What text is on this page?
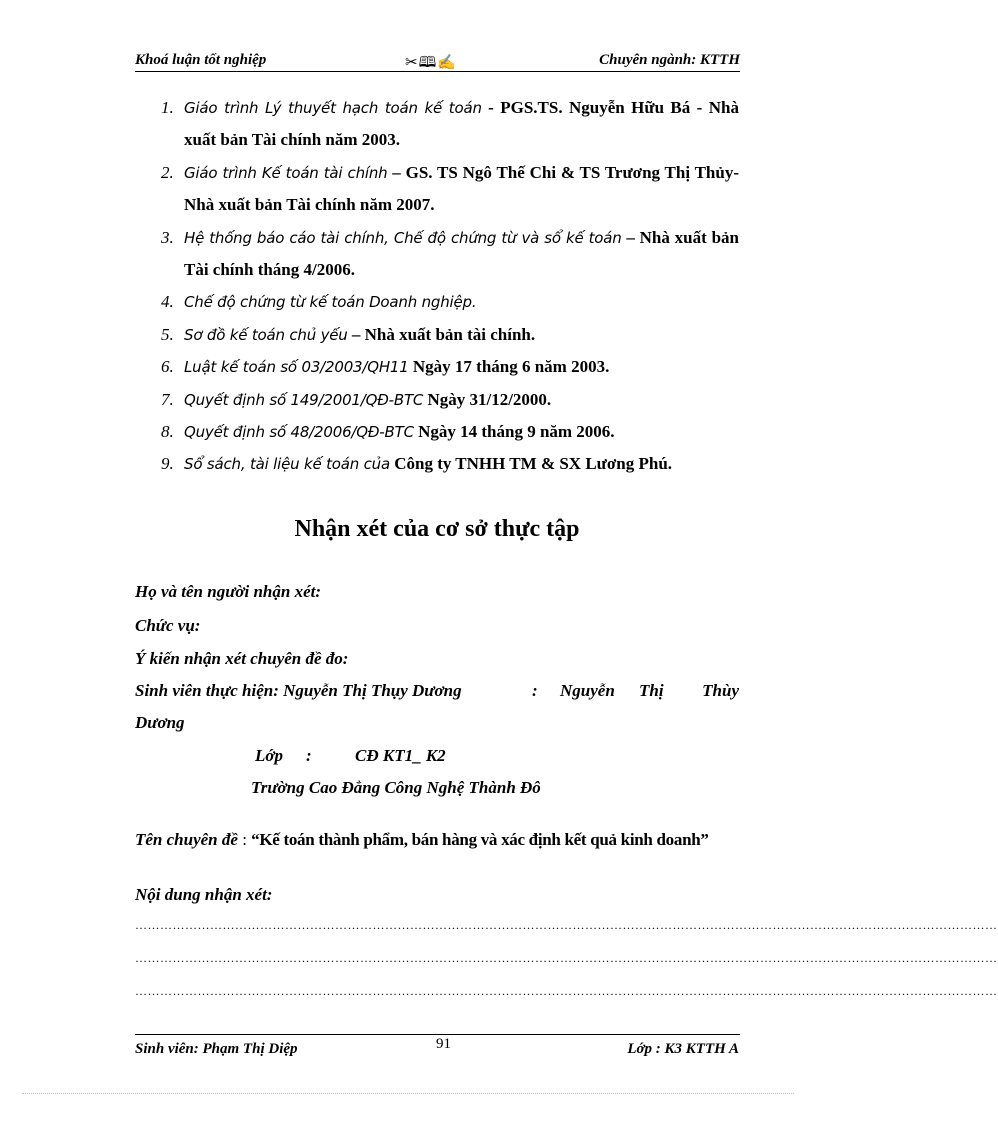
Khoá luận tốt nghiệp	✂🕮✍	Chuyên ngành: KTTH
1. Giáo trình Lý thuyết hạch toán kế toán - PGS.TS. Nguyễn Hữu Bá - Nhà xuất bản Tài chính năm 2003.
2. Giáo trình Kế toán tài chính – GS. TS Ngô Thế Chi & TS Trương Thị Thủy- Nhà xuất bản Tài chính năm 2007.
3. Hệ thống báo cáo tài chính, Chế độ chứng từ và sổ kế toán – Nhà xuất bản Tài chính tháng 4/2006.
4. Chế độ chứng từ kế toán Doanh nghiệp.
5. Sơ đồ kế toán chủ yếu – Nhà xuất bản tài chính.
6. Luật kế toán số 03/2003/QH11 Ngày 17 tháng 6 năm 2003.
7. Quyết định số 149/2001/QĐ-BTC Ngày 31/12/2000.
8. Quyết định số 48/2006/QĐ-BTC Ngày 14 tháng 9 năm 2006.
9. Sổ sách, tài liệu kế toán của Công ty TNHH TM & SX Lương Phú.
Nhận xét của cơ sở thực tập
Họ và tên người nhận xét:
Chức vụ:
Ý kiến nhận xét chuyên đề đo:
Sinh viên thực hiện: Nguyễn Thị Thụy Dương	: Nguyễn Thị Thùy
Dương
Lớp :	CĐ KT1_ K2
Trường Cao Đẳng Công Nghệ Thành Đô
Tên chuyên đề : “Kế toán thành phẩm, bán hàng và xác định kết quả kinh doanh”
Nội dung nhận xét:
………………………………………………………………………………………………………………………………………………………………………………………
………………………………………………………………………………………………………………………………………………………………………………………
………………………………………………………………………………………………………………………………………………………………………………………
Sinh viên: Phạm Thị Diệp	91	Lớp : K3 KTTH A
